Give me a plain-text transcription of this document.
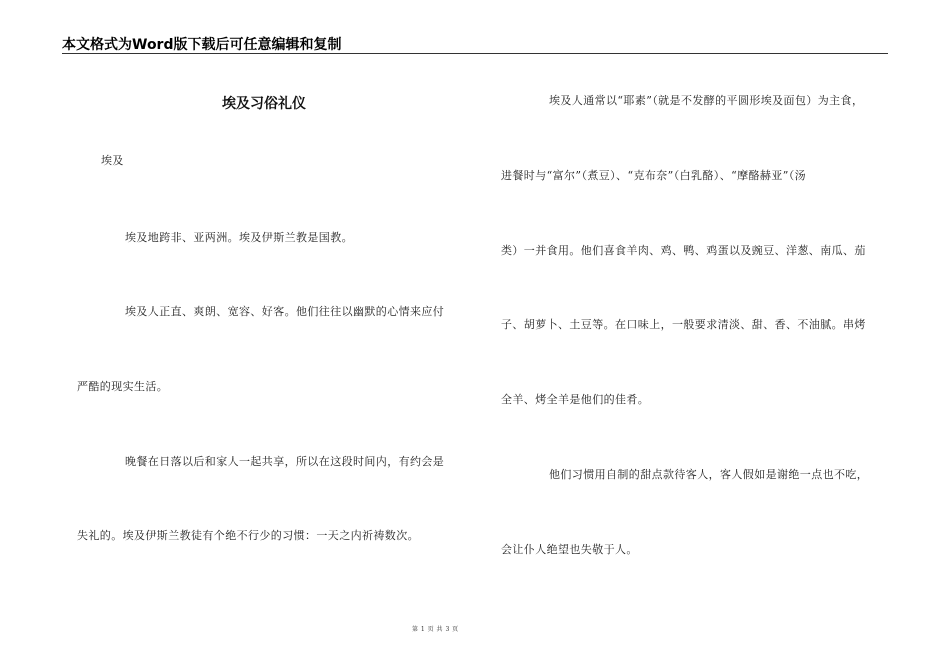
本文格式为Word版下载后可任意编辑和复制
埃及习俗礼仪
埃及
埃及地跨非、亚两洲。埃及伊斯兰教是国教。
埃及人正直、爽朗、宽容、好客。他们往往以幽默的心情来应付
严酷的现实生活。
晚餐在日落以后和家人一起共享，所以在这段时间内，有约会是
失礼的。埃及伊斯兰教徒有个绝不行少的习惯：一天之内祈祷数次。
埃及人通常以“耶素”（就是不发酵的平圆形埃及面包）为主食，
进餐时与“富尔”（煮豆）、“克布奈”（白乳酪）、“摩酪赫亚”（汤
类）一并食用。他们喜食羊肉、鸡、鸭、鸡蛋以及豌豆、洋葱、南瓜、茄
子、胡萝卜、土豆等。在口味上，一般要求清淡、甜、香、不油腻。串烤
全羊、烤全羊是他们的佳肴。
他们习惯用自制的甜点款待客人，客人假如是谢绝一点也不吃，
会让仆人绝望也失敬于人。
第 1 页 共 3 页
